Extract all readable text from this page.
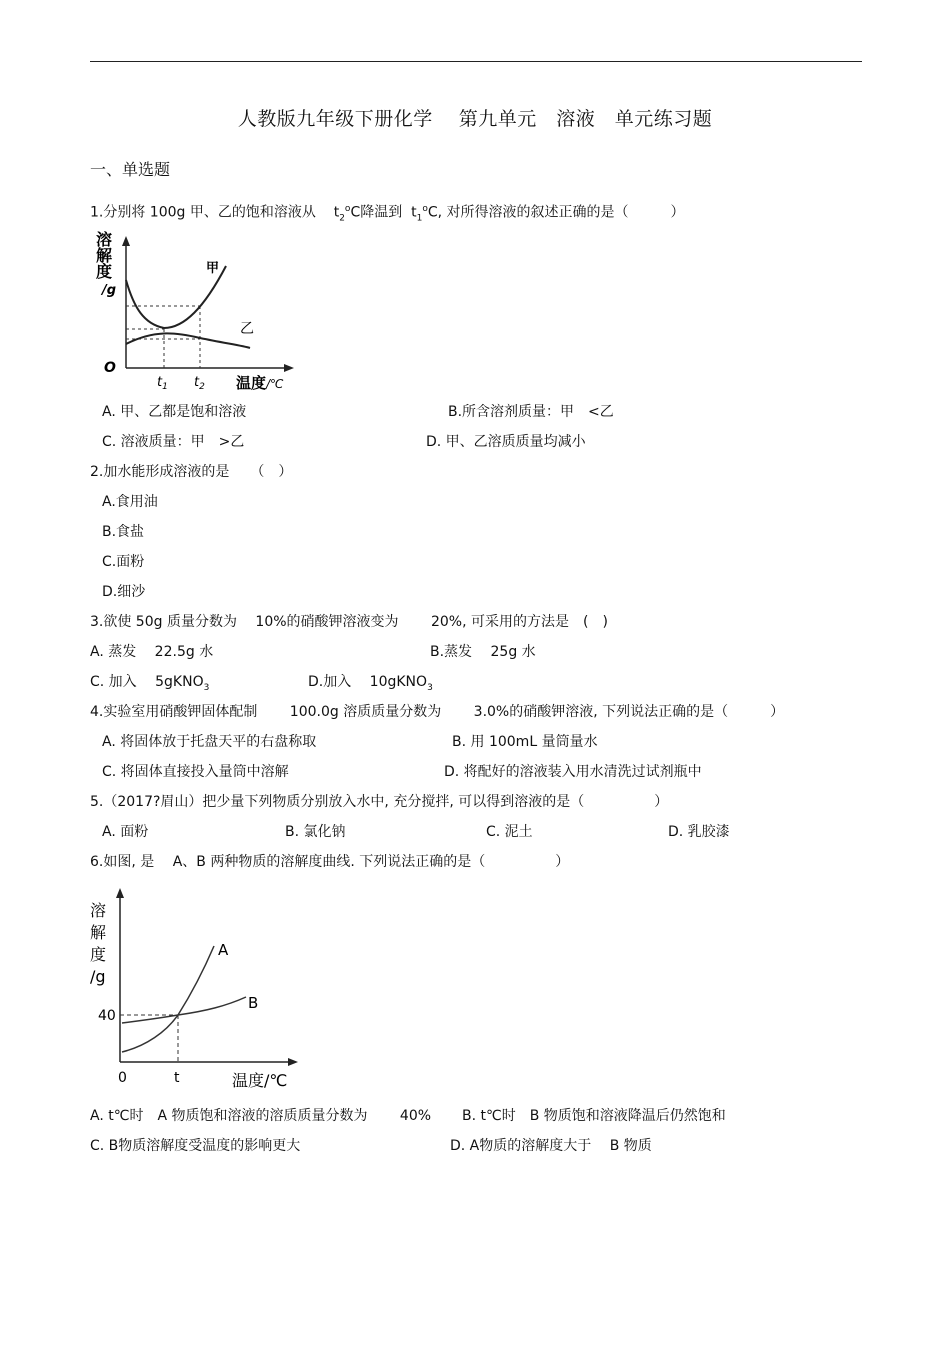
人教版九年级下册化学　 第九单元　溶液　单元练习题
一、单选题
1.分别将 100g 甲、乙的饱和溶液从 $t_2^oC$降温到 $t_1^oC$, 对所得溶液的叙述正确的是（　　　）
溶
解
度
/g
O
甲
乙
$t_1$ $t_2$ 温度/℃
A. 甲、乙都是饱和溶液	B.所含溶剂质量：甲　<乙
C. 溶液质量：甲　>乙	D. 甲、乙溶质质量均减小
2.加水能形成溶液的是　　（　）
A.食用油
B.食盐
C.面粉
D.细沙
3.欲使 50g 质量分数为　 10%的硝酸钾溶液变为　　 20%, 可采用的方法是　(　)
A. 蒸发　 22.5g 水	B.蒸发　 25g 水
C. 加入　 5gKNO$_3$	D.加入　 10gKNO$_3$
4.实验室用硝酸钾固体配制　　 100.0g 溶质质量分数为　　 3.0%的硝酸钾溶液, 下列说法正确的是（　　　）
A. 将固体放于托盘天平的右盘称取	B. 用 100mL 量筒量水
C. 将固体直接投入量筒中溶解	D. 将配好的溶液装入用水清洗过试剂瓶中
5.（2017?眉山）把少量下列物质分别放入水中, 充分搅拌, 可以得到溶液的是（　　　　　）
A. 面粉	B. 氯化钠	C. 泥土	D. 乳胶漆
6.如图, 是　 A、B 两种物质的溶解度曲线. 下列说法正确的是（　　　　　）
溶
解
度
/g
A
B
40
0	t	温度/℃
A. t℃时　A 物质饱和溶液的溶质质量分数为　　 40% B. t℃时　B 物质饱和溶液降温后仍然饱和
C. B物质溶解度受温度的影响更大	D. A物质的溶解度大于　 B 物质
